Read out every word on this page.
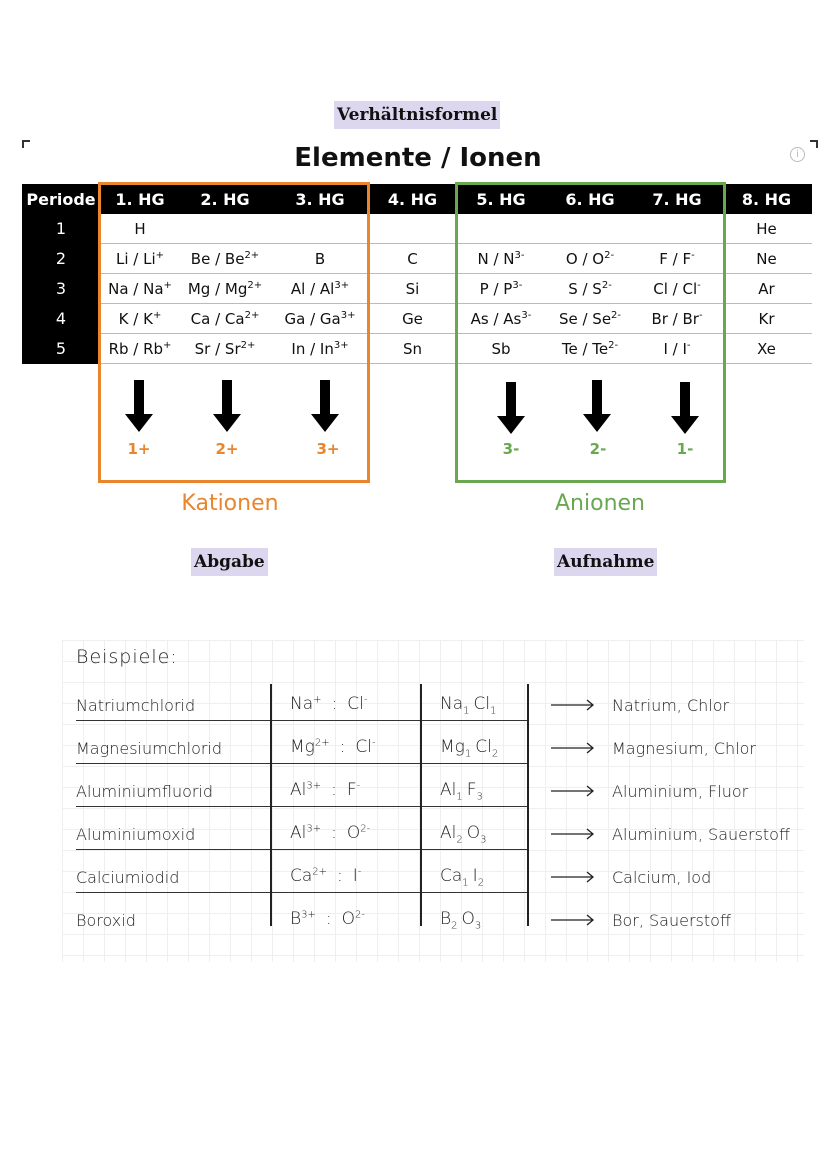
Verhältnisformel
i
Elemente / Ionen
Periode	1. HG	2. HG	3. HG	4. HG	5. HG	6. HG	7. HG	8. HG
1	H							He
2	Li / Li+	Be / $Be^{2+}$	B	C	N / $N^{3-}$	O / $O^{2-}$	F / F-	Ne
3	Na / Na+	Mg / $Mg^{2+}$	Al / $Al^{3+}$	Si	P / $P^{3-}$	S / $S^{2-}$	Cl / Cl-	Ar
4	K / K+	Ca / $Ca^{2+}$	Ga / $Ga^{3+}$	Ge	As / $As^{3-}$	Se / $Se^{2-}$	Br / Br-	Kr
5	Rb / Rb+	Sr / $Sr^{2+}$	In / $In^{3+}$	Sn	Sb	Te / $Te^{2-}$	I / I-	Xe
1+	2+	3+	3-	2-	1-
Kationen	Anionen
Abgabe	Aufnahme
Beispiele:
Natriumchlorid	Na+ : Cl-	$Na_1$ $Cl_1$	Natrium, Chlor
Magnesiumchlorid	$Mg^{2+}$ : Cl-	$Mg_1$ $Cl_2$	Magnesium, Chlor
Aluminiumfluorid	$Al^{3+}$ : F-	$Al_1$ $F_3$	Aluminium, Fluor
Aluminiumoxid	$Al^{3+}$ : $O^{2-}$	$Al_2$ $O_3$	Aluminium, Sauerstoff
Calciumiodid	$Ca^{2+}$ : I-	$Ca_1$ $I_2$	Calcium, Iod
Boroxid	$B^{3+}$ : $O^{2-}$	$B_2$ $O_3$	Bor, Sauerstoff
